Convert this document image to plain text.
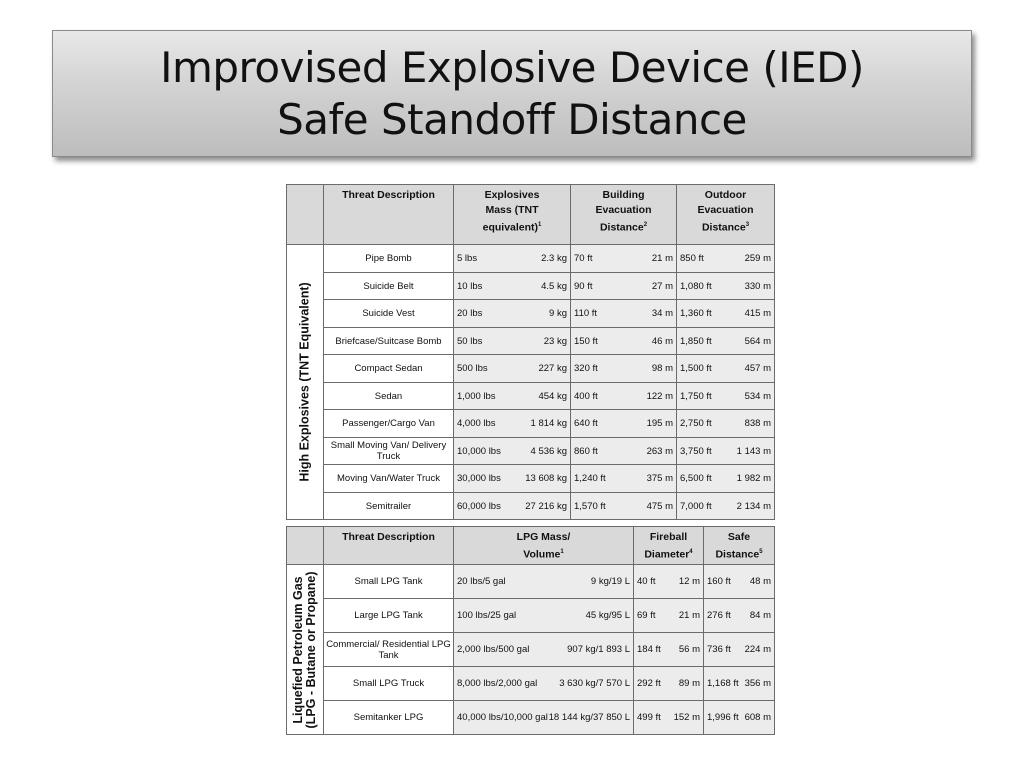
Improvised Explosive Device (IED)
Safe Standoff Distance
	Threat Description	Explosives
Mass (TNT
equivalent)$^1$	Building
Evacuation
Distance$^2$	Outdoor
Evacuation
Distance$^3$

High Explosives (TNT Equivalent)	Pipe Bomb	5 lbs 2.3 kg	70 ft 21 m	850 ft 259 m

	Suicide Belt	10 lbs 4.5 kg	90 ft 27 m	1,080 ft 330 m

	Suicide Vest	20 lbs 9 kg	110 ft 34 m	1,360 ft 415 m

	Briefcase/Suitcase Bomb	50 lbs 23 kg	150 ft 46 m	1,850 ft 564 m

	Compact Sedan	500 lbs 227 kg	320 ft 98 m	1,500 ft 457 m

	Sedan	1,000 lbs 454 kg	400 ft 122 m	1,750 ft 534 m

	Passenger/Cargo Van	4,000 lbs 1 814 kg	640 ft 195 m	2,750 ft 838 m

	Small Moving Van/ Delivery Truck	10,000 lbs 4 536 kg	860 ft 263 m	3,750 ft 1 143 m

	Moving Van/Water Truck	30,000 lbs 13 608 kg	1,240 ft 375 m	6,500 ft 1 982 m

	Semitrailer	60,000 lbs 27 216 kg	1,570 ft 475 m	7,000 ft 2 134 m
	Threat Description	LPG Mass/
Volume$^1$	Fireball
Diameter$^4$	Safe
Distance$^5$

Liquefied Petroleum Gas
(LPG - Butane or Propane)	Small LPG Tank	20 lbs/5 gal 9 kg/19 L	40 ft 12 m	160 ft 48 m

	Large LPG Tank	100 lbs/25 gal 45 kg/95 L	69 ft 21 m	276 ft 84 m

	Commercial/ Residential LPG Tank	2,000 lbs/500 gal 907 kg/1 893 L	184 ft 56 m	736 ft 224 m

	Small LPG Truck	8,000 lbs/2,000 gal 3 630 kg/7 570 L	292 ft 89 m	1,168 ft 356 m

	Semitanker LPG	40,000 lbs/10,000 gal 18 144 kg/37 850 L	499 ft 152 m	1,996 ft 608 m
